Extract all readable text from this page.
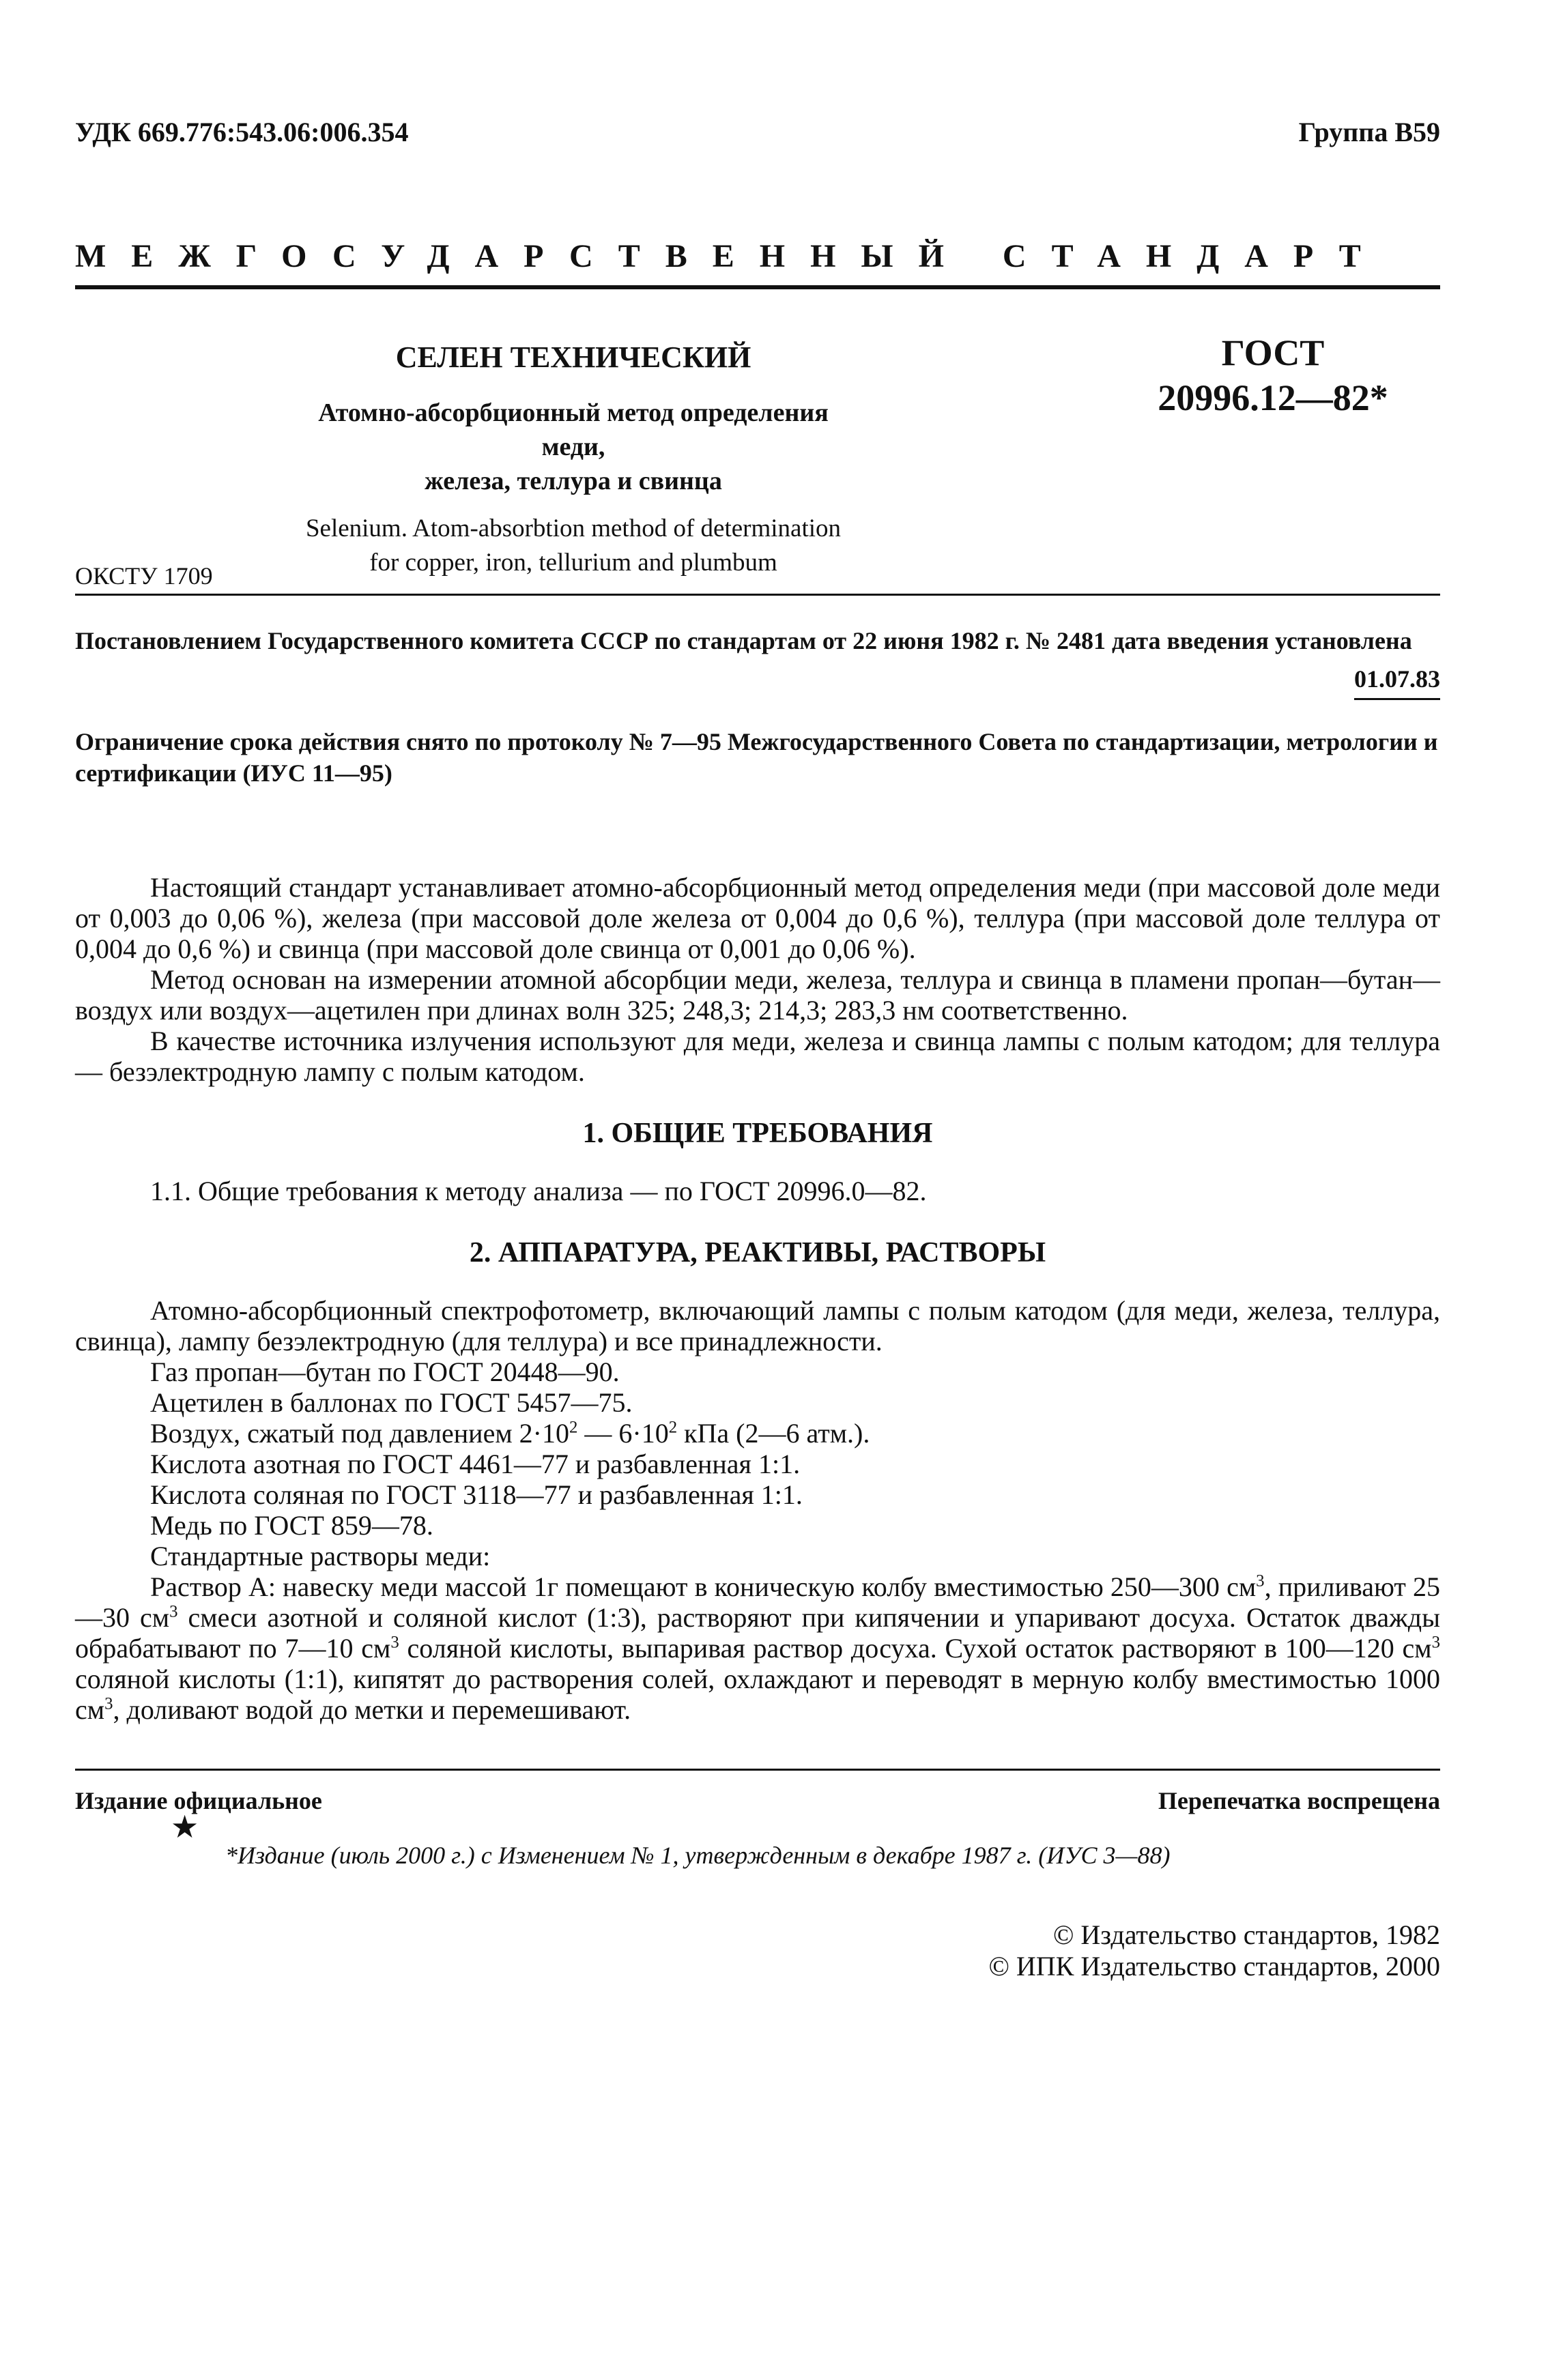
УДК 669.776:543.06:006.354	Группа В59
МЕЖГОСУДАРСТВЕННЫЙ СТАНДАРТ
СЕЛЕН ТЕХНИЧЕСКИЙ
Атомно-абсорбционный метод определения меди,
железа, теллура и свинца
Selenium. Atom-absorbtion method of determination
for copper, iron, tellurium and plumbum
ГОСТ
20996.12—82*
ОКСТУ 1709
Постановлением Государственного комитета СССР по стандартам от 22 июня 1982 г. № 2481 дата введения установлена
01.07.83
Ограничение срока действия снято по протоколу № 7—95 Межгосударственного Совета по стандартизации, метрологии и сертификации (ИУС 11—95)

Настоящий стандарт устанавливает атомно-абсорбционный метод определения меди (при массовой доле меди от 0,003 до 0,06 %), железа (при массовой доле железа от 0,004 до 0,6 %), теллура (при массовой доле теллура от 0,004 до 0,6 %) и свинца (при массовой доле свинца от 0,001 до 0,06 %).

Метод основан на измерении атомной абсорбции меди, железа, теллура и свинца в пламени пропан—бутан—воздух или воздух—ацетилен при длинах волн 325; 248,3; 214,3; 283,3 нм соответственно.

В качестве источника излучения используют для меди, железа и свинца лампы с полым катодом; для теллура — безэлектродную лампу с полым катодом.

1. ОБЩИЕ ТРЕБОВАНИЯ

1.1. Общие требования к методу анализа — по ГОСТ 20996.0—82.

2. АППАРАТУРА, РЕАКТИВЫ, РАСТВОРЫ

Атомно-абсорбционный спектрофотометр, включающий лампы с полым катодом (для меди, железа, теллура, свинца), лампу безэлектродную (для теллура) и все принадлежности.

Газ пропан—бутан по ГОСТ 20448—90.

Ацетилен в баллонах по ГОСТ 5457—75.

Воздух, сжатый под давлением $2\cdot 10^2$ — $6\cdot 10^2$ кПа (2—6 атм.).

Кислота азотная по ГОСТ 4461—77 и разбавленная 1:1.

Кислота соляная по ГОСТ 3118—77 и разбавленная 1:1.

Медь по ГОСТ 859—78.

Стандартные растворы меди:

Раствор А: навеску меди массой 1г помещают в коническую колбу вместимостью 250—300 $см^3$, приливают 25—30 $см^3$ смеси азотной и соляной кислот (1:3), растворяют при кипячении и упаривают досуха. Остаток дважды обрабатывают по 7—10 $см^3$ соляной кислоты, выпаривая раствор досуха. Сухой остаток растворяют в 100—120 $см^3$ соляной кислоты (1:1), кипятят до растворения солей, охлаждают и переводят в мерную колбу вместимостью 1000 $см^3$, доливают водой до метки и перемешивают.

Издание официальное	Перепечатка воспрещена
★
*Издание (июль 2000 г.) с Изменением № 1, утвержденным в декабре 1987 г. (ИУС 3—88)
© Издательство стандартов, 1982
© ИПК Издательство стандартов, 2000
